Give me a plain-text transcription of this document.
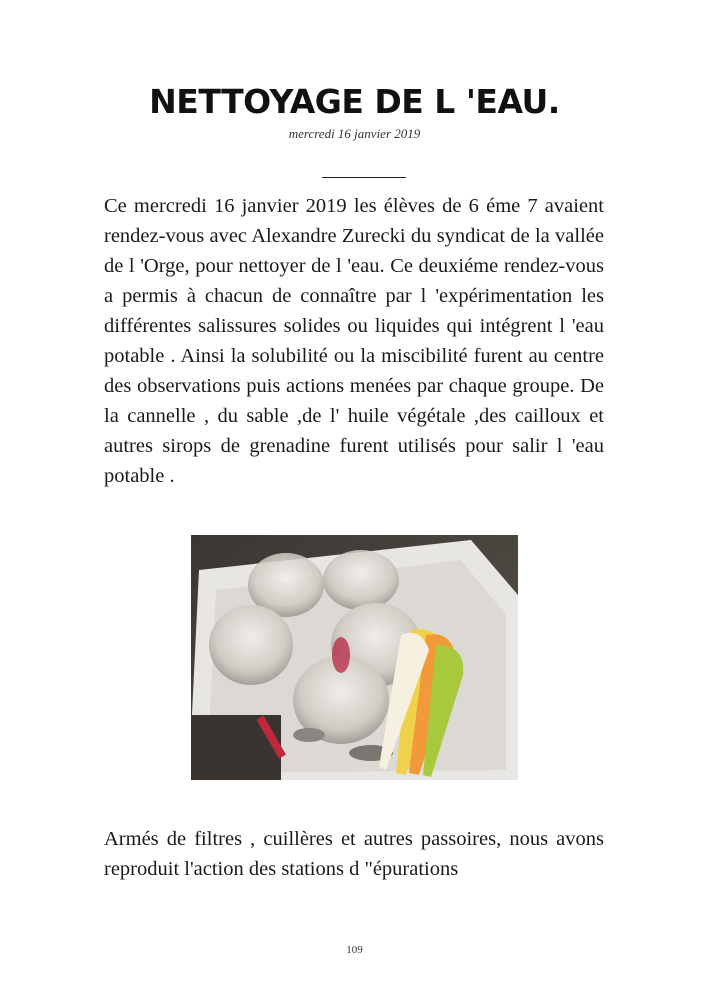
NETTOYAGE DE L 'EAU.
mercredi 16 janvier 2019

Ce mercredi 16 janvier 2019 les élèves de 6 éme 7 avaient rendez-vous avec Alexandre Zurecki du syndicat de la vallée de l 'Orge, pour nettoyer de l 'eau. Ce deuxiéme rendez-vous a permis à chacun de connaître par l 'expérimentation les différentes salissures solides ou liquides qui intégrent l 'eau potable . Ainsi la solubilité ou la miscibilité furent au centre des observations puis actions menées par chaque groupe. De la cannelle , du sable ,de l' huile végétale ,des cailloux et autres sirops de grenadine furent utilisés pour salir l 'eau potable .

Armés de filtres , cuillères et autres passoires, nous avons reproduit l'action des stations d "épurations

109
